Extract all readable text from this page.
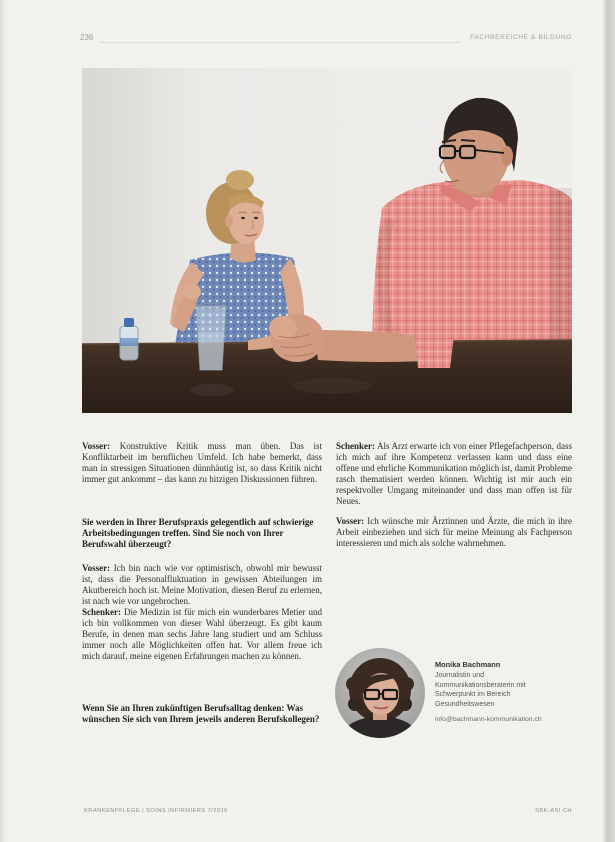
236	FACHBEREICHE & BILDUNG
Vosser: Konstruktive Kritik muss man üben. Das ist Konfliktarbeit im beruflichen Umfeld. Ich habe bemerkt, dass man in stressigen Situationen dünnhäutig ist, so dass Kritik nicht immer gut ankommt – das kann zu hitzigen Diskussionen führen.
Sie werden in Ihrer Berufspraxis gelegentlich auf schwierige Arbeitsbedingungen treffen. Sind Sie noch von Ihrer Berufswahl überzeugt?
Vosser: Ich bin nach wie vor optimistisch, obwohl mir bewusst ist, dass die Personalfluktuation in gewissen Abteilungen im Akutbereich hoch ist. Meine Motivation, diesen Beruf zu erlernen, ist nach wie vor ungebrochen.
Schenker: Die Medizin ist für mich ein wunderbares Metier und ich bin vollkommen von dieser Wahl überzeugt. Es gibt kaum Berufe, in denen man sechs Jahre lang studiert und am Schluss immer noch alle Möglichkeiten offen hat. Vor allem freue ich mich darauf, meine eigenen Erfahrungen machen zu können.
Wenn Sie an Ihren zukünftigen Berufsalltag denken: Was wünschen Sie sich von Ihrem jeweils anderen Berufskollegen?
Schenker: Als Arzt erwarte ich von einer Pflegefachperson, dass ich mich auf ihre Kompetenz verlassen kann und dass eine offene und ehrliche Kommunikation möglich ist, damit Probleme rasch thematisiert werden können. Wichtig ist mir auch ein respektvoller Umgang miteinander und dass man offen ist für Neues.
Vosser: Ich wünsche mir Ärztinnen und Ärzte, die mich in ihre Arbeit einbeziehen und sich für meine Meinung als Fachperson interessieren und mich als solche wahrnehmen.
Monika Bachmann
Journalistin und Kommunikationsberaterin mit Schwerpunkt im Bereich Gesundheitswesen
info@bachmann-kommunikation.ch
KRANKENPFLEGE | SOINS INFIRMIERS 7/2015	SBK-ASI.CH
